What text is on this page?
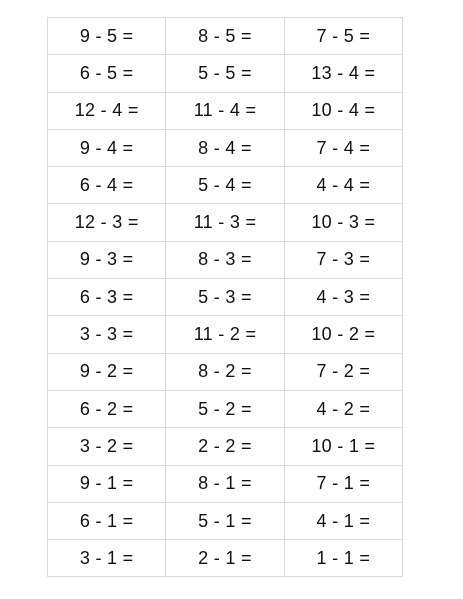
9 - 5 =	8 - 5 =	7 - 5 =
6 - 5 =	5 - 5 =	13 - 4 =
12 - 4 =	11 - 4 =	10 - 4 =
9 - 4 =	8 - 4 =	7 - 4 =
6 - 4 =	5 - 4 =	4 - 4 =
12 - 3 =	11 - 3 =	10 - 3 =
9 - 3 =	8 - 3 =	7 - 3 =
6 - 3 =	5 - 3 =	4 - 3 =
3 - 3 =	11 - 2 =	10 - 2 =
9 - 2 =	8 - 2 =	7 - 2 =
6 - 2 =	5 - 2 =	4 - 2 =
3 - 2 =	2 - 2 =	10 - 1 =
9 - 1 =	8 - 1 =	7 - 1 =
6 - 1 =	5 - 1 =	4 - 1 =
3 - 1 =	2 - 1 =	1 - 1 =
